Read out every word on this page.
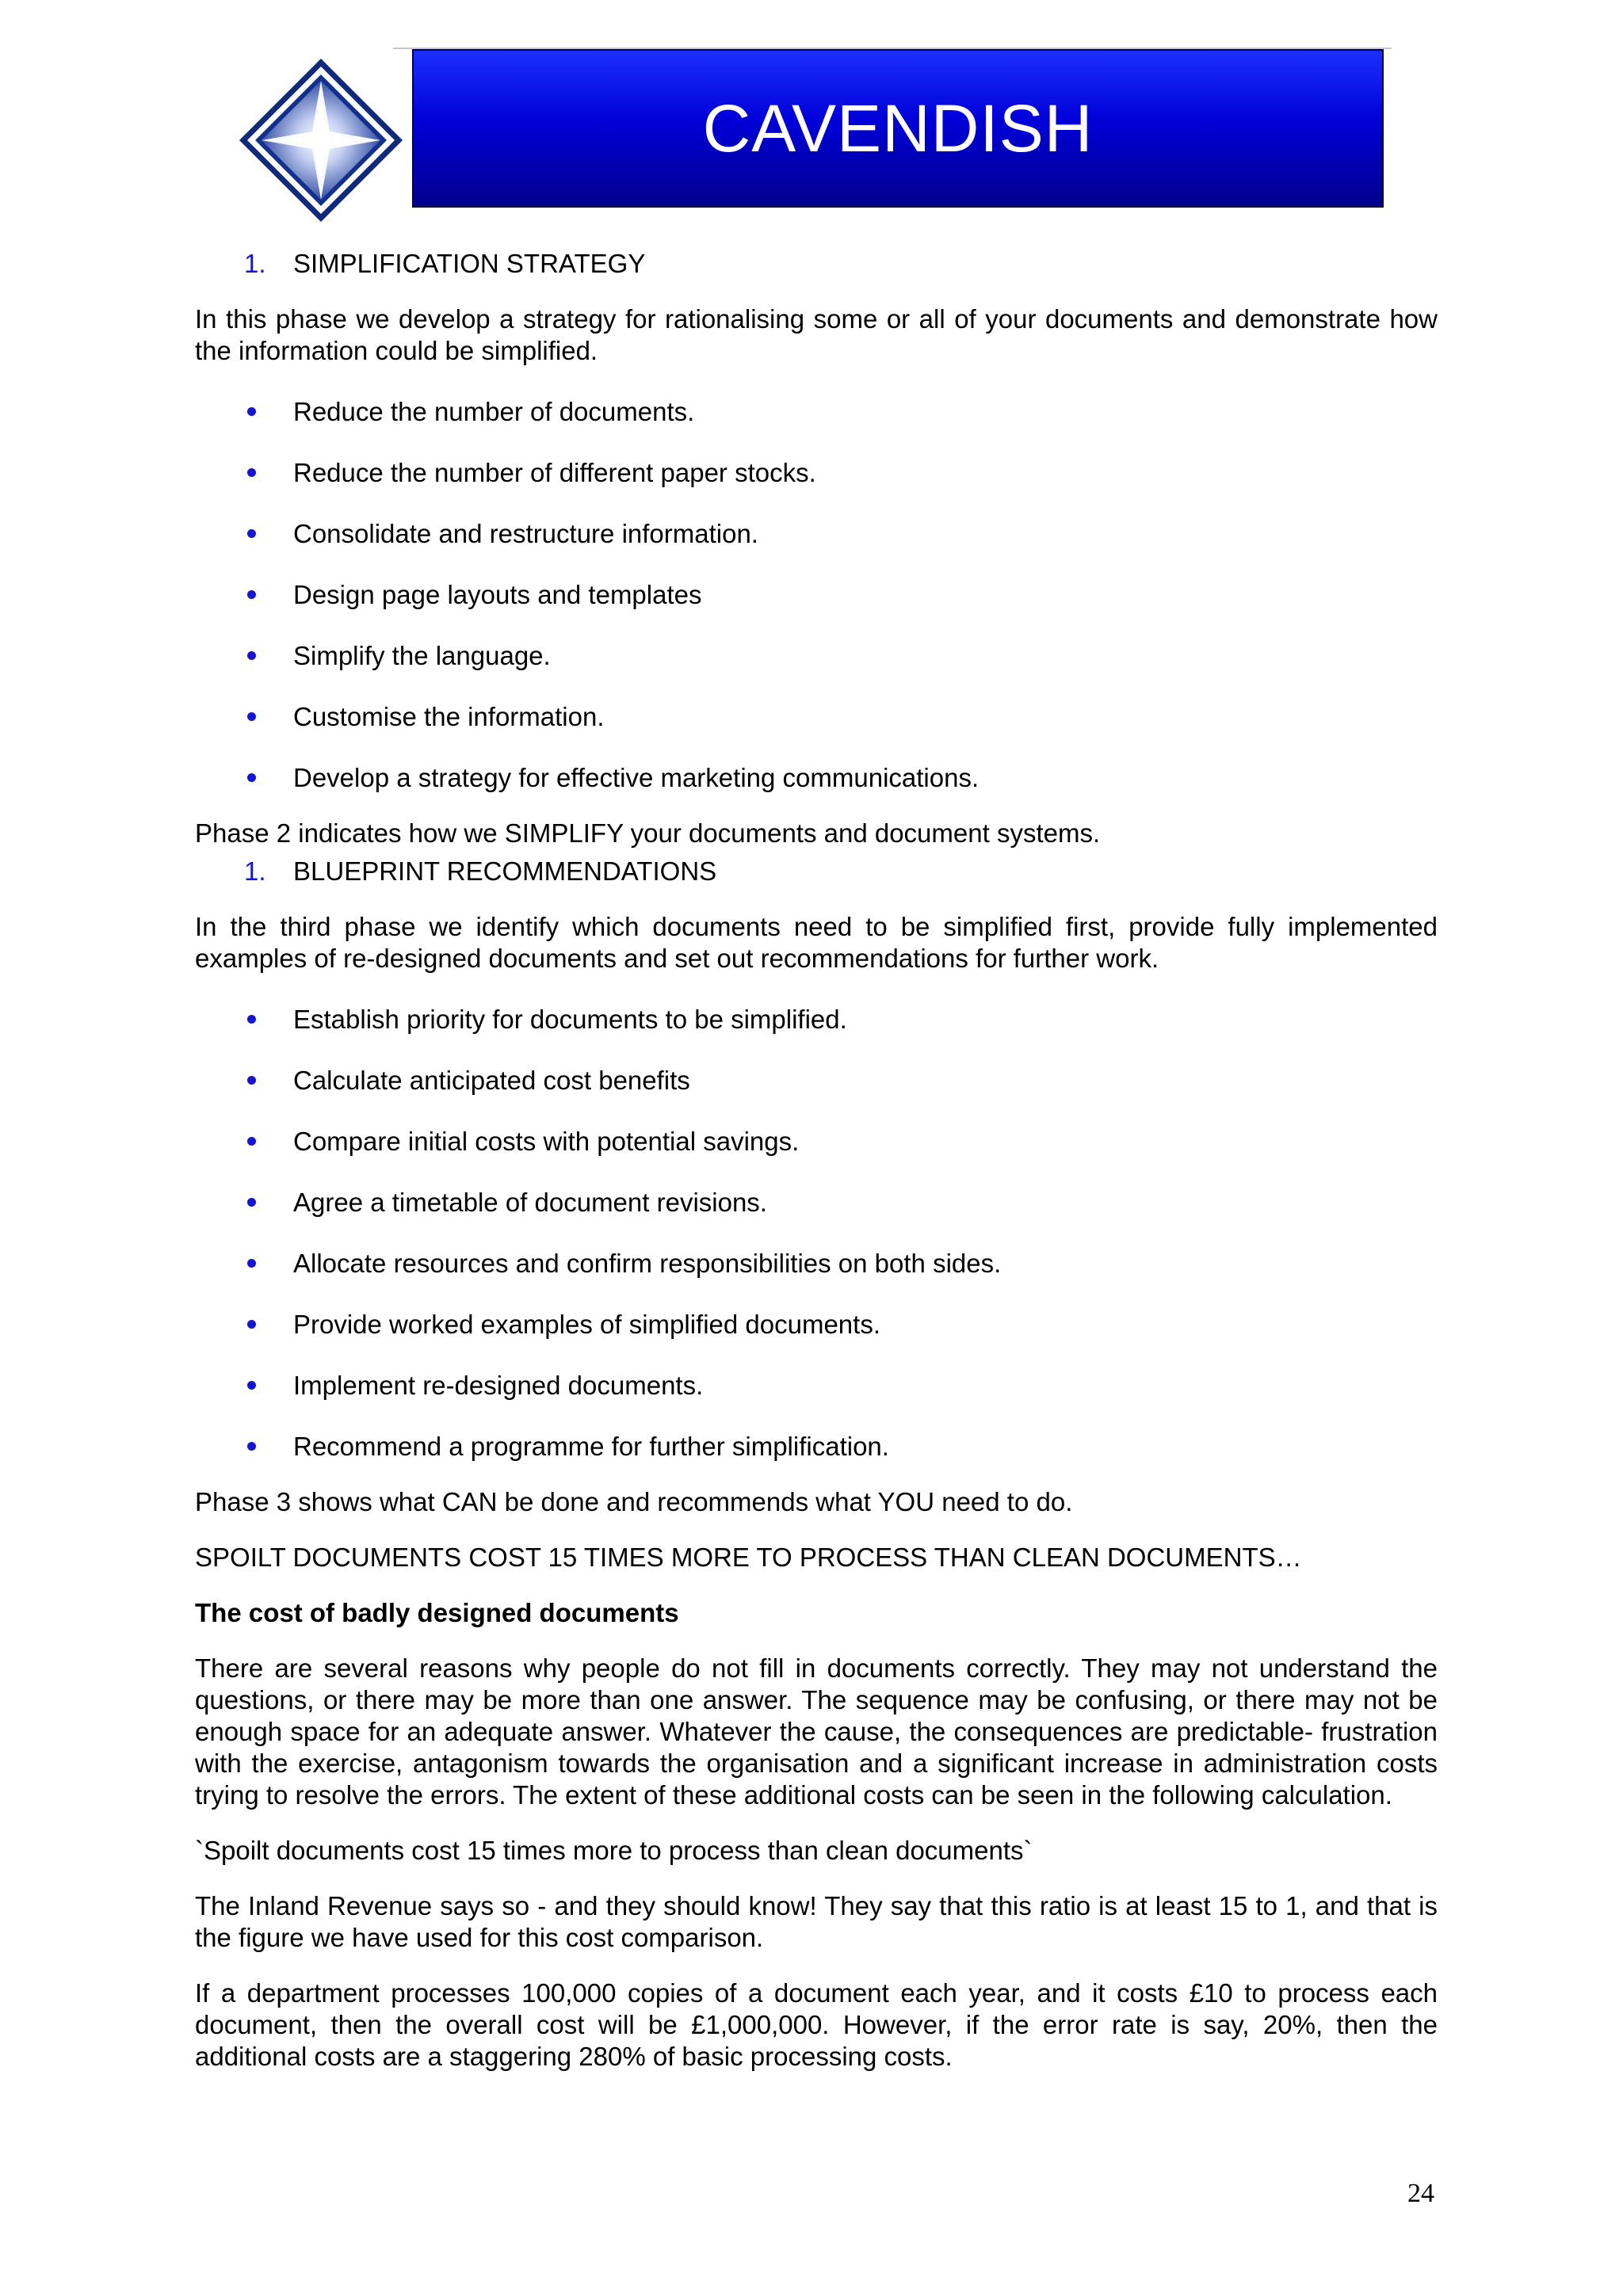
CAVENDISH
1. SIMPLIFICATION STRATEGY

In this phase we develop a strategy for rationalising some or all of your documents and demonstrate how the information could be simplified.

Reduce the number of documents.
Reduce the number of different paper stocks.
Consolidate and restructure information.
Design page layouts and templates
Simplify the language.
Customise the information.
Develop a strategy for effective marketing communications.

Phase 2 indicates how we SIMPLIFY your documents and document systems.

1. BLUEPRINT RECOMMENDATIONS

In the third phase we identify which documents need to be simplified first, provide fully implemented examples of re-designed documents and set out recommendations for further work.

Establish priority for documents to be simplified.
Calculate anticipated cost benefits
Compare initial costs with potential savings.
Agree a timetable of document revisions.
Allocate resources and confirm responsibilities on both sides.
Provide worked examples of simplified documents.
Implement re-designed documents.
Recommend a programme for further simplification.

Phase 3 shows what CAN be done and recommends what YOU need to do.

SPOILT DOCUMENTS COST 15 TIMES MORE TO PROCESS THAN CLEAN DOCUMENTS…

The cost of badly designed documents

There are several reasons why people do not fill in documents correctly. They may not understand the questions, or there may be more than one answer. The sequence may be confusing, or there may not be enough space for an adequate answer. Whatever the cause, the consequences are predictable- frustration with the exercise, antagonism towards the organisation and a significant increase in administration costs trying to resolve the errors. The extent of these additional costs can be seen in the following calculation.

`Spoilt documents cost 15 times more to process than clean documents`

The Inland Revenue says so - and they should know! They say that this ratio is at least 15 to 1, and that is the figure we have used for this cost comparison.

If a department processes 100,000 copies of a document each year, and it costs £10 to process each document, then the overall cost will be £1,000,000. However, if the error rate is say, 20%, then the additional costs are a staggering 280% of basic processing costs.

24
